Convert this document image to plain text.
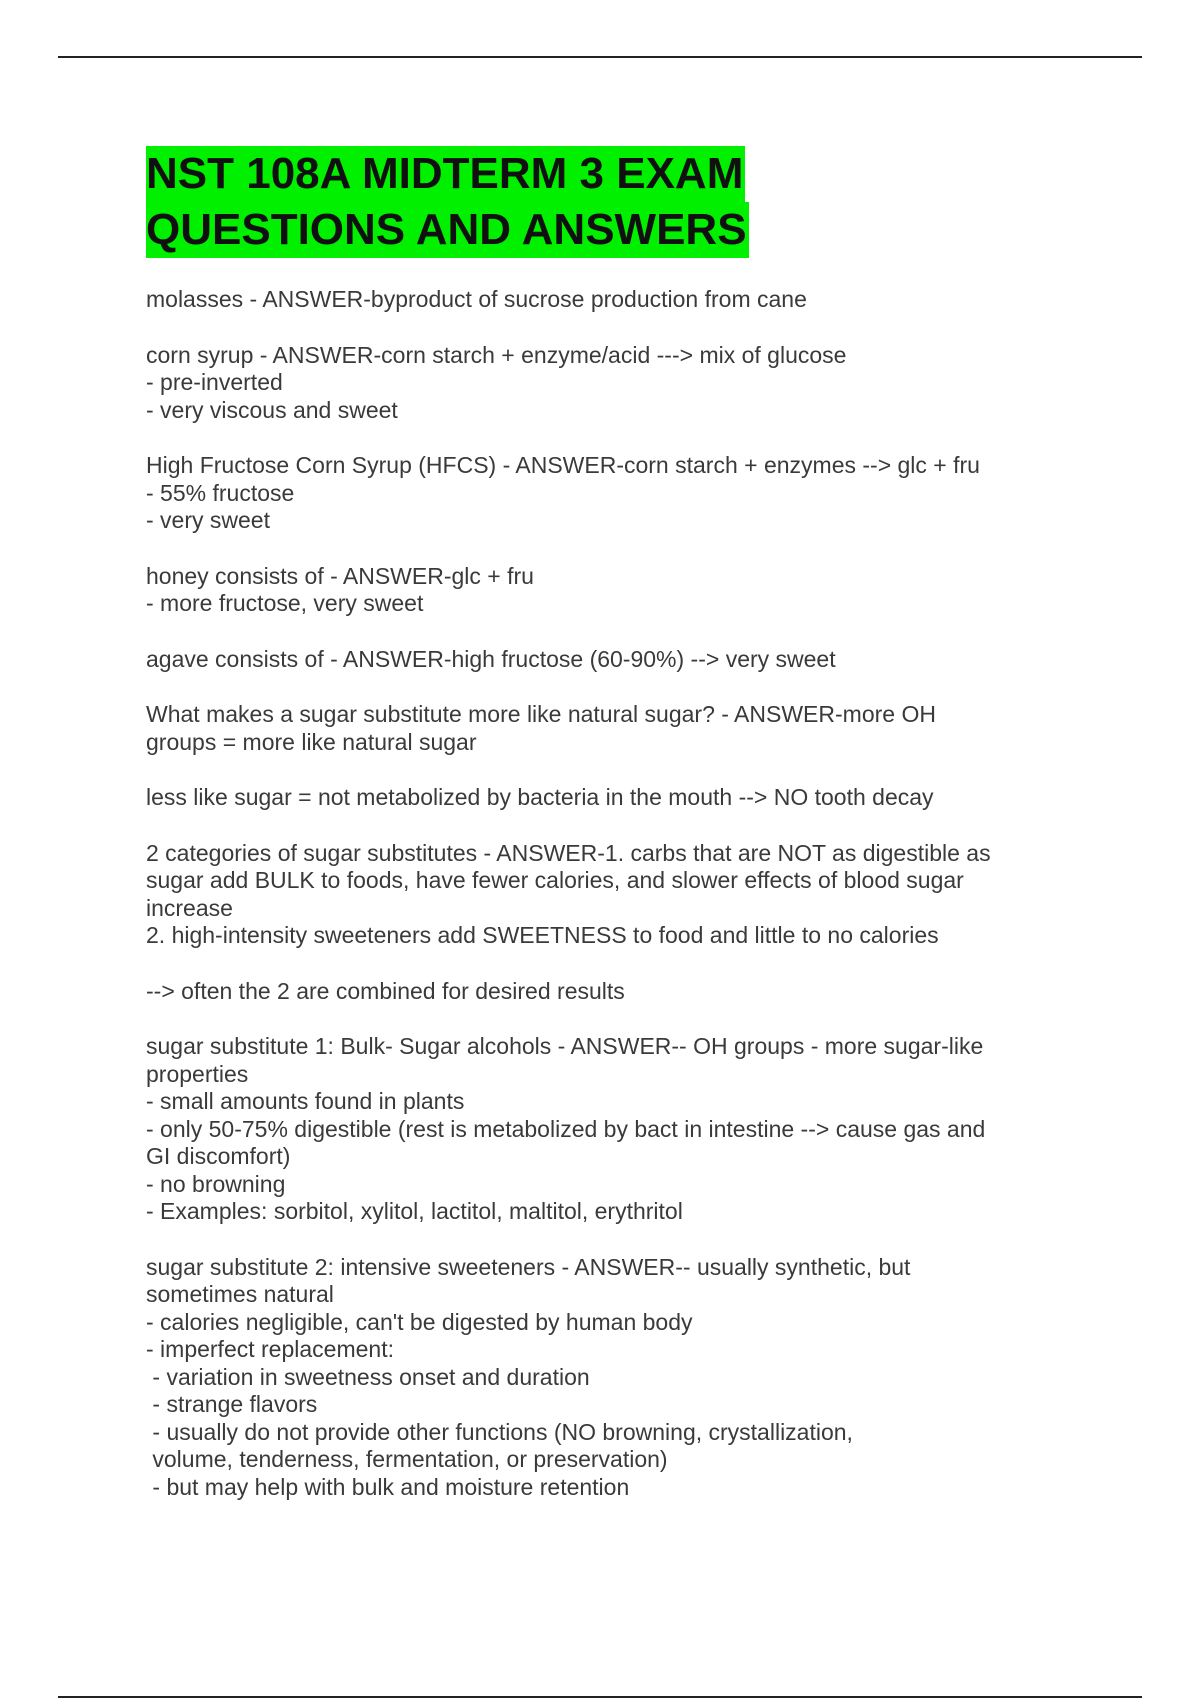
NST 108A MIDTERM 3 EXAM
QUESTIONS AND ANSWERS
molasses - ANSWER-byproduct of sucrose production from cane
corn syrup - ANSWER-corn starch + enzyme/acid ---> mix of glucose
- pre-inverted
- very viscous and sweet
High Fructose Corn Syrup (HFCS) - ANSWER-corn starch + enzymes --> glc + fru
- 55% fructose
- very sweet
honey consists of - ANSWER-glc + fru
- more fructose, very sweet
agave consists of - ANSWER-high fructose (60-90%) --> very sweet
What makes a sugar substitute more like natural sugar? - ANSWER-more OH
groups = more like natural sugar
less like sugar = not metabolized by bacteria in the mouth --> NO tooth decay
2 categories of sugar substitutes - ANSWER-1. carbs that are NOT as digestible as
sugar add BULK to foods, have fewer calories, and slower effects of blood sugar
increase
2. high-intensity sweeteners add SWEETNESS to food and little to no calories
--> often the 2 are combined for desired results
sugar substitute 1: Bulk- Sugar alcohols - ANSWER-- OH groups - more sugar-like
properties
- small amounts found in plants
- only 50-75% digestible (rest is metabolized by bact in intestine --> cause gas and
GI discomfort)
- no browning
- Examples: sorbitol, xylitol, lactitol, maltitol, erythritol
sugar substitute 2: intensive sweeteners - ANSWER-- usually synthetic, but
sometimes natural
- calories negligible, can't be digested by human body
- imperfect replacement:
- variation in sweetness onset and duration
- strange flavors
- usually do not provide other functions (NO browning, crystallization,
volume, tenderness, fermentation, or preservation)
- but may help with bulk and moisture retention
